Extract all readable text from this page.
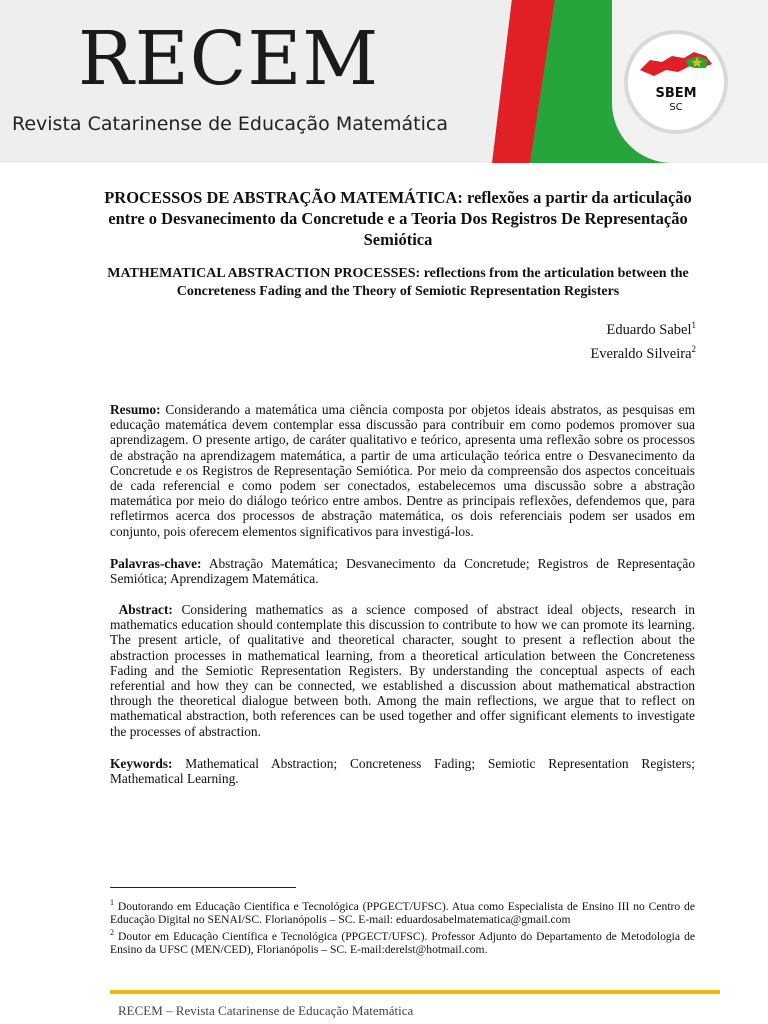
RECEM
Revista Catarinense de Educação Matemática
SBEM
SC
PROCESSOS DE ABSTRAÇÃO MATEMÁTICA: reflexões a partir da articulação entre o Desvanecimento da Concretude e a Teoria Dos Registros De Representação Semiótica
MATHEMATICAL ABSTRACTION PROCESSES: reflections from the articulation between the Concreteness Fading and the Theory of Semiotic Representation Registers
Eduardo Sabel$^1$
Everaldo Silveira$^2$
Resumo: Considerando a matemática uma ciência composta por objetos ideais abstratos, as pesquisas em educação matemática devem contemplar essa discussão para contribuir em como podemos promover sua aprendizagem. O presente artigo, de caráter qualitativo e teórico, apresenta uma reflexão sobre os processos de abstração na aprendizagem matemática, a partir de uma articulação teórica entre o Desvanecimento da Concretude e os Registros de Representação Semiótica. Por meio da compreensão dos aspectos conceituais de cada referencial e como podem ser conectados, estabelecemos uma discussão sobre a abstração matemática por meio do diálogo teórico entre ambos. Dentre as principais reflexões, defendemos que, para refletirmos acerca dos processos de abstração matemática, os dois referenciais podem ser usados em conjunto, pois oferecem elementos significativos para investigá-los.
Palavras-chave: Abstração Matemática; Desvanecimento da Concretude; Registros de Representação Semiótica; Aprendizagem Matemática.
Abstract: Considering mathematics as a science composed of abstract ideal objects, research in mathematics education should contemplate this discussion to contribute to how we can promote its learning. The present article, of qualitative and theoretical character, sought to present a reflection about the abstraction processes in mathematical learning, from a theoretical articulation between the Concreteness Fading and the Semiotic Representation Registers. By understanding the conceptual aspects of each referential and how they can be connected, we established a discussion about mathematical abstraction through the theoretical dialogue between both. Among the main reflections, we argue that to reflect on mathematical abstraction, both references can be used together and offer significant elements to investigate the processes of abstraction.
Keywords: Mathematical Abstraction; Concreteness Fading; Semiotic Representation Registers; Mathematical Learning.
$^1$ Doutorando em Educação Científica e Tecnológica (PPGECT/UFSC). Atua como Especialista de Ensino III no Centro de Educação Digital no SENAI/SC. Florianópolis – SC. E-mail: eduardosabelmatematica@gmail.com
$^2$ Doutor em Educação Científica e Tecnológica (PPGECT/UFSC). Professor Adjunto do Departamento de Metodologia de Ensino da UFSC (MEN/CED), Florianópolis – SC. E-mail:derelst@hotmail.com.
RECEM – Revista Catarinense de Educação Matemática
